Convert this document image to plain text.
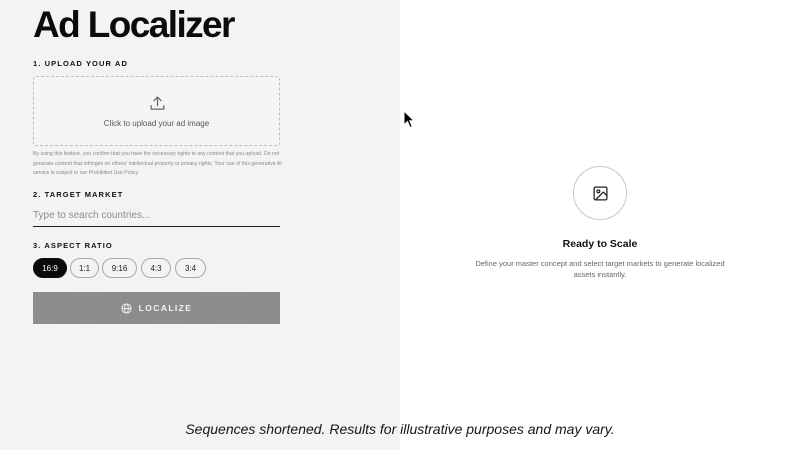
Ad Localizer
1. UPLOAD YOUR AD
Click to upload your ad image

By using this feature, you confirm that you have the necessary rights to any content that you upload. Do not generate content that infringes on others' intellectual property or privacy rights. Your use of this generative AI service is subject to our Prohibited Use Policy.

2. TARGET MARKET
Type to search countries...
3. ASPECT RATIO
16:9	1:1	9:16	4:3	3:4
LOCALIZE
Ready to Scale
Define your master concept and select target markets to generate localized assets instantly.
Sequences shortened. Results for illustrative purposes and may vary.
